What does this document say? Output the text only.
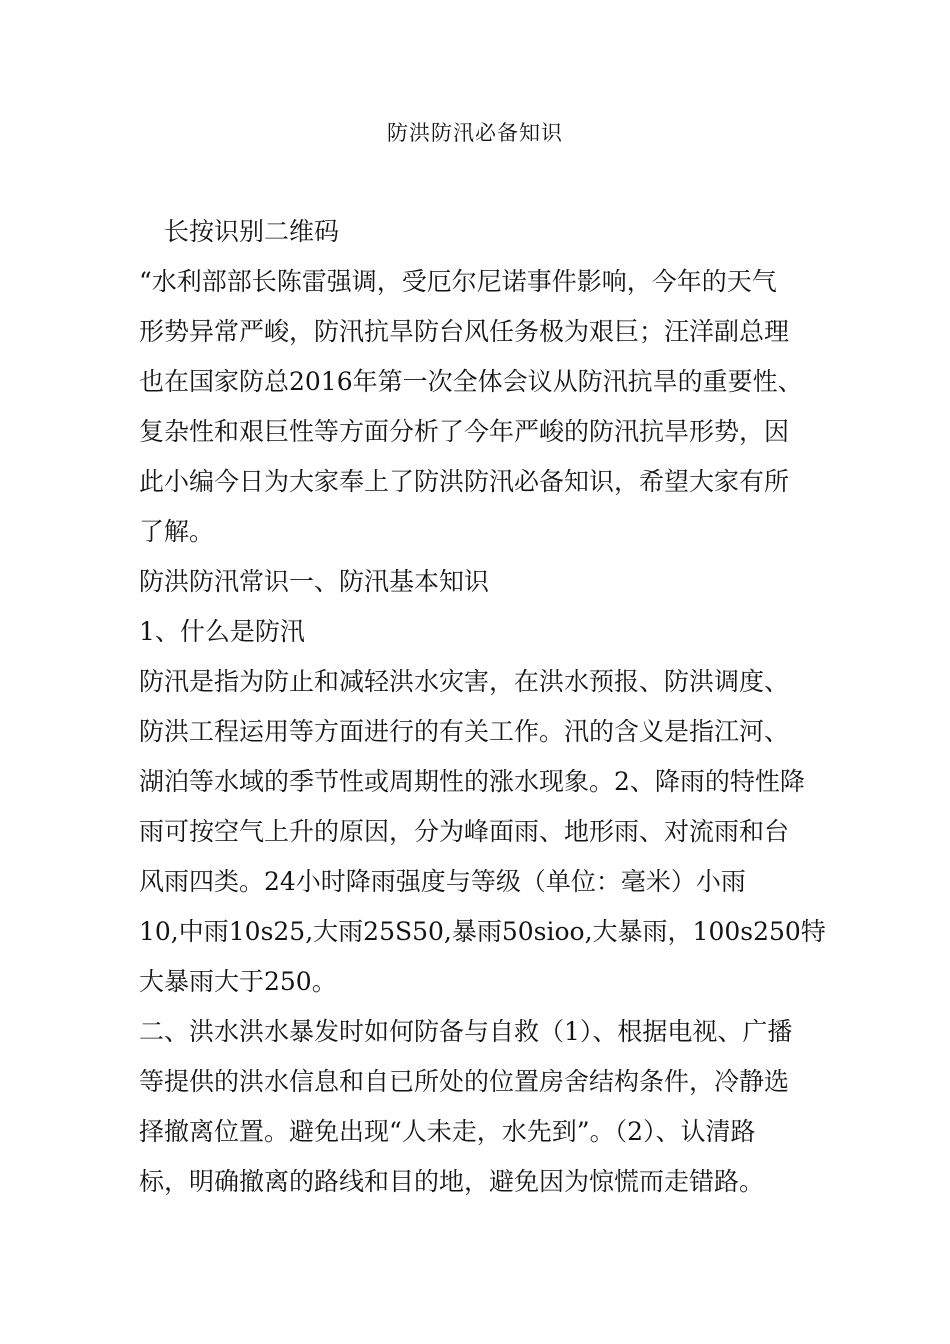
防洪防汛必备知识
长按识别二维码
“水利部部长陈雷强调，受厄尔尼诺事件影响，今年的天气
形势异常严峻，防汛抗旱防台风任务极为艰巨；汪洋副总理
也在国家防总2016年第一次全体会议从防汛抗旱的重要性、
复杂性和艰巨性等方面分析了今年严峻的防汛抗旱形势，因
此小编今日为大家奉上了防洪防汛必备知识，希望大家有所
了解。
防洪防汛常识一、防汛基本知识
1、什么是防汛
防汛是指为防止和减轻洪水灾害，在洪水预报、防洪调度、
防洪工程运用等方面进行的有关工作。汛的含义是指江河、
湖泊等水域的季节性或周期性的涨水现象。2、降雨的特性降
雨可按空气上升的原因，分为峰面雨、地形雨、对流雨和台
风雨四类。24小时降雨强度与等级（单位：毫米）小雨
10,中雨10s25,大雨25S50,暴雨50sioo,大暴雨，100s250特
大暴雨大于250。
二、洪水洪水暴发时如何防备与自救（1）、根据电视、广播
等提供的洪水信息和自已所处的位置房舍结构条件，冷静选
择撤离位置。避免出现“人未走，水先到”。（2）、认清路
标，明确撤离的路线和目的地，避免因为惊慌而走错路。
